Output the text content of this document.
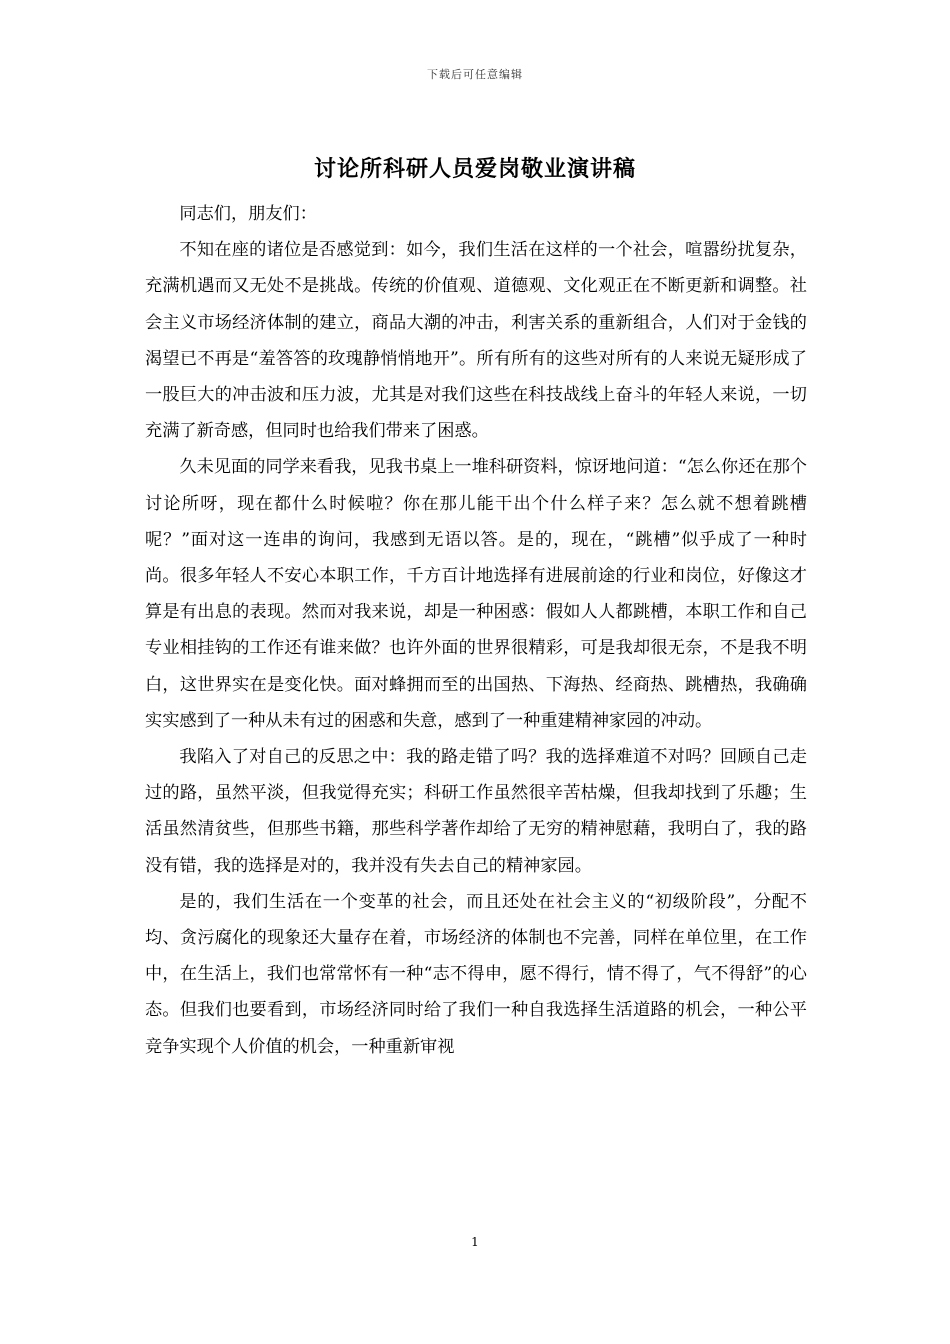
下载后可任意编辑
讨论所科研人员爱岗敬业演讲稿

同志们，朋友们：

不知在座的诸位是否感觉到：如今，我们生活在这样的一个社会，喧嚣纷扰复杂，充满机遇而又无处不是挑战。传统的价值观、道德观、文化观正在不断更新和调整。社会主义市场经济体制的建立，商品大潮的冲击，利害关系的重新组合，人们对于金钱的渴望已不再是“羞答答的玫瑰静悄悄地开”。所有所有的这些对所有的人来说无疑形成了一股巨大的冲击波和压力波，尤其是对我们这些在科技战线上奋斗的年轻人来说，一切充满了新奇感，但同时也给我们带来了困惑。

久未见面的同学来看我，见我书桌上一堆科研资料，惊讶地问道：“怎么你还在那个讨论所呀，现在都什么时候啦？你在那儿能干出个什么样子来？怎么就不想着跳槽呢？”面对这一连串的询问，我感到无语以答。是的，现在，“跳槽”似乎成了一种时尚。很多年轻人不安心本职工作，千方百计地选择有进展前途的行业和岗位，好像这才算是有出息的表现。然而对我来说，却是一种困惑：假如人人都跳槽，本职工作和自己专业相挂钩的工作还有谁来做？也许外面的世界很精彩，可是我却很无奈，不是我不明白，这世界实在是变化快。面对蜂拥而至的出国热、下海热、经商热、跳槽热，我确确实实感到了一种从未有过的困惑和失意，感到了一种重建精神家园的冲动。

我陷入了对自己的反思之中：我的路走错了吗？我的选择难道不对吗？回顾自己走过的路，虽然平淡，但我觉得充实；科研工作虽然很辛苦枯燥，但我却找到了乐趣；生活虽然清贫些，但那些书籍，那些科学著作却给了无穷的精神慰藉，我明白了，我的路没有错，我的选择是对的，我并没有失去自己的精神家园。

是的，我们生活在一个变革的社会，而且还处在社会主义的“初级阶段”，分配不均、贪污腐化的现象还大量存在着，市场经济的体制也不完善，同样在单位里，在工作中，在生活上，我们也常常怀有一种“志不得申，愿不得行，情不得了，气不得舒”的心态。但我们也要看到，市场经济同时给了我们一种自我选择生活道路的机会，一种公平竞争实现个人价值的机会，一种重新审视

1
